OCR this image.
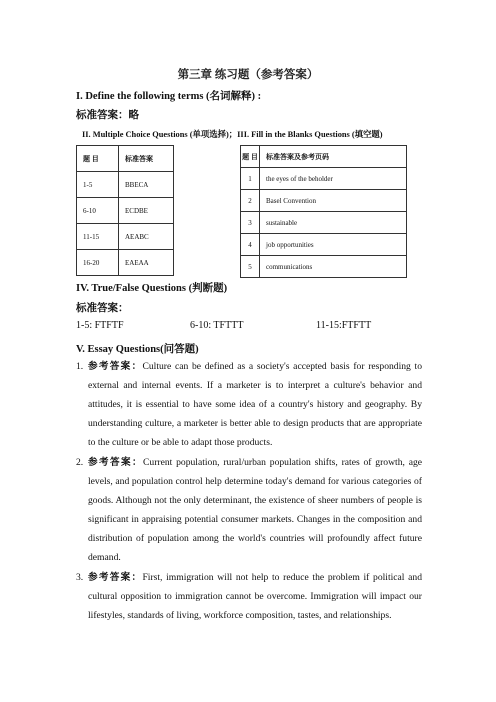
第三章 练习题（参考答案）
I. Define the following terms (名词解释) :
标准答案：略
II. Multiple Choice Questions (单项选择)；III. Fill in the Blanks Questions (填空题)
题 目	标准答案
1-5	BBECA
6-10	ECDBE
11-15	AEABC
16-20	EAEAA
题 目	标准答案及参考页码
1	the eyes of the beholder
2	Basel Convention
3	sustainable
4	job opportunities
5	communications
IV. True/False Questions (判断题)
标准答案：
1-5: FTFTF	6-10: TFTTT	11-15:FTFTT
V. Essay Questions(问答题)
1. 参考答案：Culture can be defined as a society's accepted basis for responding to external and internal events. If a marketer is to interpret a culture's behavior and attitudes, it is essential to have some idea of a country's history and geography. By understanding culture, a marketer is better able to design products that are appropriate to the culture or be able to adapt those products.
2. 参考答案：Current population, rural/urban population shifts, rates of growth, age levels, and population control help determine today's demand for various categories of goods. Although not the only determinant, the existence of sheer numbers of people is significant in appraising potential consumer markets. Changes in the composition and distribution of population among the world's countries will profoundly affect future demand.
3. 参考答案：First, immigration will not help to reduce the problem if political and cultural opposition to immigration cannot be overcome. Immigration will impact our lifestyles, standards of living, workforce composition, tastes, and relationships.
